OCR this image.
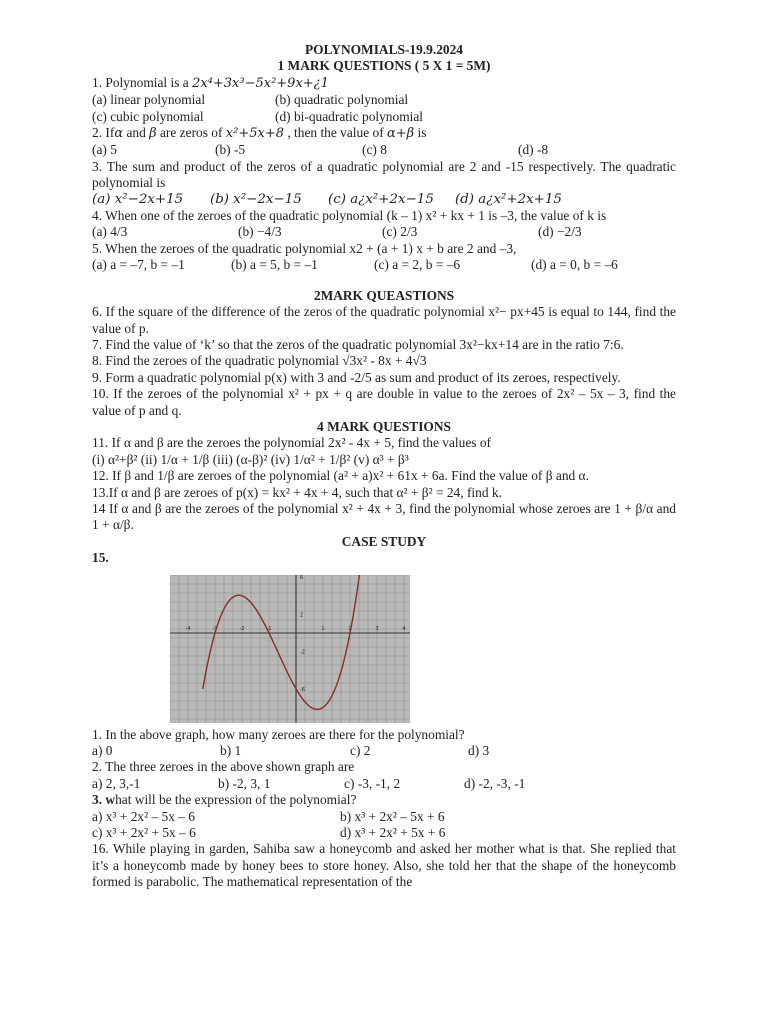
POLYNOMIALS-19.9.2024
1 MARK QUESTIONS ( 5 X 1 = 5M)
1. Polynomial is a 2x⁴+3x³−5x²+9x+¿1
(a) linear polynomial	(b) quadratic polynomial
(c) cubic polynomial	(d) bi-quadratic polynomial
2. Ifα and β are zeros of x²+5x+8 , then the value of α+β is
(a) 5	(b) -5	(c) 8	(d) -8
3. The sum and product of the zeros of a quadratic polynomial are 2 and -15 respectively. The quadratic polynomial is
(a) x²−2x+15	(b) x²−2x−15	(c) a¿x²+2x−15	(d) a¿x²+2x+15
4. When one of the zeroes of the quadratic polynomial (k – 1) x² + kx + 1 is –3, the value of k is
(a) 4/3	(b) −4/3	(c) 2/3	(d) −2/3
5. When the zeroes of the quadratic polynomial x2 + (a + 1) x + b are 2 and –3,
(a) a = –7, b = –1	(b) a = 5, b = –1	(c) a = 2, b = –6	(d) a = 0, b = –6
2MARK QUEASTIONS
6. If the square of the difference of the zeros of the quadratic polynomial x²− px+45 is equal to 144, find the value of p.
7. Find the value of ‘k’ so that the zeros of the quadratic polynomial 3x²−kx+14 are in the ratio 7:6.
8. Find the zeroes of the quadratic polynomial √3x² - 8x + 4√3
9. Form a quadratic polynomial p(x) with 3 and -2/5 as sum and product of its zeroes, respectively.
10. If the zeroes of the polynomial x² + px + q are double in value to the zeroes of 2x² – 5x – 3, find the value of p and q.
4 MARK QUESTIONS
11. If α and β are the zeroes the polynomial 2x² - 4x + 5, find the values of
(i) α²+β² (ii) 1/α + 1/β (iii) (α-β)² (iv) 1/α² + 1/β² (v) α³ + β³
12. If β and 1/β are zeroes of the polynomial (a² + a)x² + 61x + 6a. Find the value of β and α.
13.If α and β are zeroes of p(x) = kx² + 4x + 4, such that α² + β² = 24, find k.
14 If α and β are the zeroes of the polynomial x² + 4x + 3, find the polynomial whose zeroes are 1 + β/α and 1 + α/β.
CASE STUDY
15.
-4	-3	-2	-1	1	2	3	4
6
2
-2
-6
1. In the above graph, how many zeroes are there for the polynomial?
a) 0	b) 1	c) 2	d) 3
2. The three zeroes in the above shown graph are
a) 2, 3,-1	b) -2, 3, 1	c) -3, -1, 2	d) -2, -3, -1
3. what will be the expression of the polynomial?
a) x³ + 2x² – 5x – 6	b) x³ + 2x² – 5x + 6
c) x³ + 2x² + 5x – 6	d) x³ + 2x² + 5x + 6
16. While playing in garden, Sahiba saw a honeycomb and asked her mother what is that. She replied that it’s a honeycomb made by honey bees to store honey. Also, she told her that the shape of the honeycomb formed is parabolic. The mathematical representation of the
